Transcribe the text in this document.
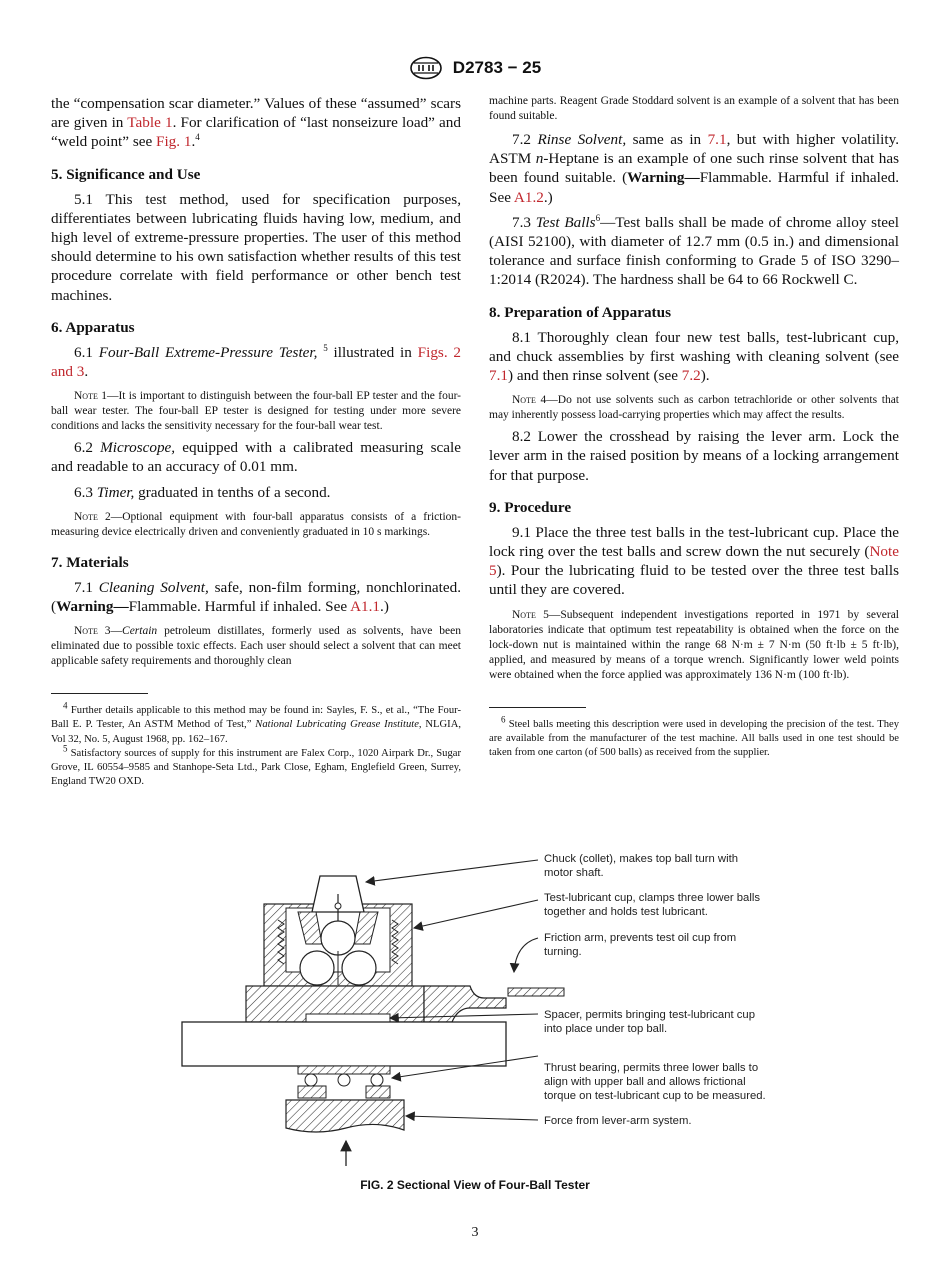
D2783 − 25

the “compensation scar diameter.” Values of these “assumed” scars are given in Table 1. For clarification of “last nonseizure load” and “weld point” see Fig. 1.$^4$

5. Significance and Use

5.1 This test method, used for specification purposes, differentiates between lubricating fluids having low, medium, and high level of extreme-pressure properties. The user of this method should determine to his own satisfaction whether results of this test procedure correlate with field performance or other bench test machines.

6. Apparatus

6.1 Four-Ball Extreme-Pressure Tester, $^5$ illustrated in Figs. 2 and 3.

Note 1—It is important to distinguish between the four-ball EP tester and the four-ball wear tester. The four-ball EP tester is designed for testing under more severe conditions and lacks the sensitivity necessary for the four-ball wear test.

6.2 Microscope, equipped with a calibrated measuring scale and readable to an accuracy of 0.01 mm.

6.3 Timer, graduated in tenths of a second.

Note 2—Optional equipment with four-ball apparatus consists of a friction-measuring device electrically driven and conveniently graduated in 10 s markings.

7. Materials

7.1 Cleaning Solvent, safe, non-film forming, nonchlorinated. (Warning—Flammable. Harmful if inhaled. See A1.1.)

Note 3—Certain petroleum distillates, formerly used as solvents, have been eliminated due to possible toxic effects. Each user should select a solvent that can meet applicable safety requirements and thoroughly clean

$^4$ Further details applicable to this method may be found in: Sayles, F. S., et al., “The Four-Ball E. P. Tester, An ASTM Method of Test,” National Lubricating Grease Institute, NLGIA, Vol 32, No. 5, August 1968, pp. 162–167.

$^5$ Satisfactory sources of supply for this instrument are Falex Corp., 1020 Airpark Dr., Sugar Grove, IL 60554–9585 and Stanhope-Seta Ltd., Park Close, Egham, Englefield Green, Surrey, England TW20 OXD.

machine parts. Reagent Grade Stoddard solvent is an example of a solvent that has been found suitable.

7.2 Rinse Solvent, same as in 7.1, but with higher volatility. ASTM n-Heptane is an example of one such rinse solvent that has been found suitable. (Warning—Flammable. Harmful if inhaled. See A1.2.)

7.3 Test Balls$^6$—Test balls shall be made of chrome alloy steel (AISI 52100), with diameter of 12.7 mm (0.5 in.) and dimensional tolerance and surface finish conforming to Grade 5 of ISO 3290–1:2014 (R2024). The hardness shall be 64 to 66 Rockwell C.

8. Preparation of Apparatus

8.1 Thoroughly clean four new test balls, test-lubricant cup, and chuck assemblies by first washing with cleaning solvent (see 7.1) and then rinse solvent (see 7.2).

Note 4—Do not use solvents such as carbon tetrachloride or other solvents that may inherently possess load-carrying properties which may affect the results.

8.2 Lower the crosshead by raising the lever arm. Lock the lever arm in the raised position by means of a locking arrangement for that purpose.

9. Procedure

9.1 Place the three test balls in the test-lubricant cup. Place the lock ring over the test balls and screw down the nut securely (Note 5). Pour the lubricating fluid to be tested over the three test balls until they are covered.

Note 5—Subsequent independent investigations reported in 1971 by several laboratories indicate that optimum test repeatability is obtained when the force on the lock-down nut is maintained within the range 68 N·m ± 7 N·m (50 ft·lb ± 5 ft·lb), applied, and measured by means of a torque wrench. Significantly lower weld points were obtained when the force applied was approximately 136 N·m (100 ft·lb).

$^6$ Steel balls meeting this description were used in developing the precision of the test. They are available from the manufacturer of the test machine. All balls used in one test should be taken from one carton (of 500 balls) as received from the supplier.

Chuck (collet), makes top ball turn with
motor shaft.
Test-lubricant cup, clamps three lower balls
together and holds test lubricant.
Friction arm, prevents test oil cup from
turning.
Spacer, permits bringing test-lubricant cup
into place under top ball.
Thrust bearing, permits three lower balls to
align with upper ball and allows frictional
torque on test-lubricant cup to be measured.
Force from lever-arm system.
FIG. 2 Sectional View of Four-Ball Tester
3
